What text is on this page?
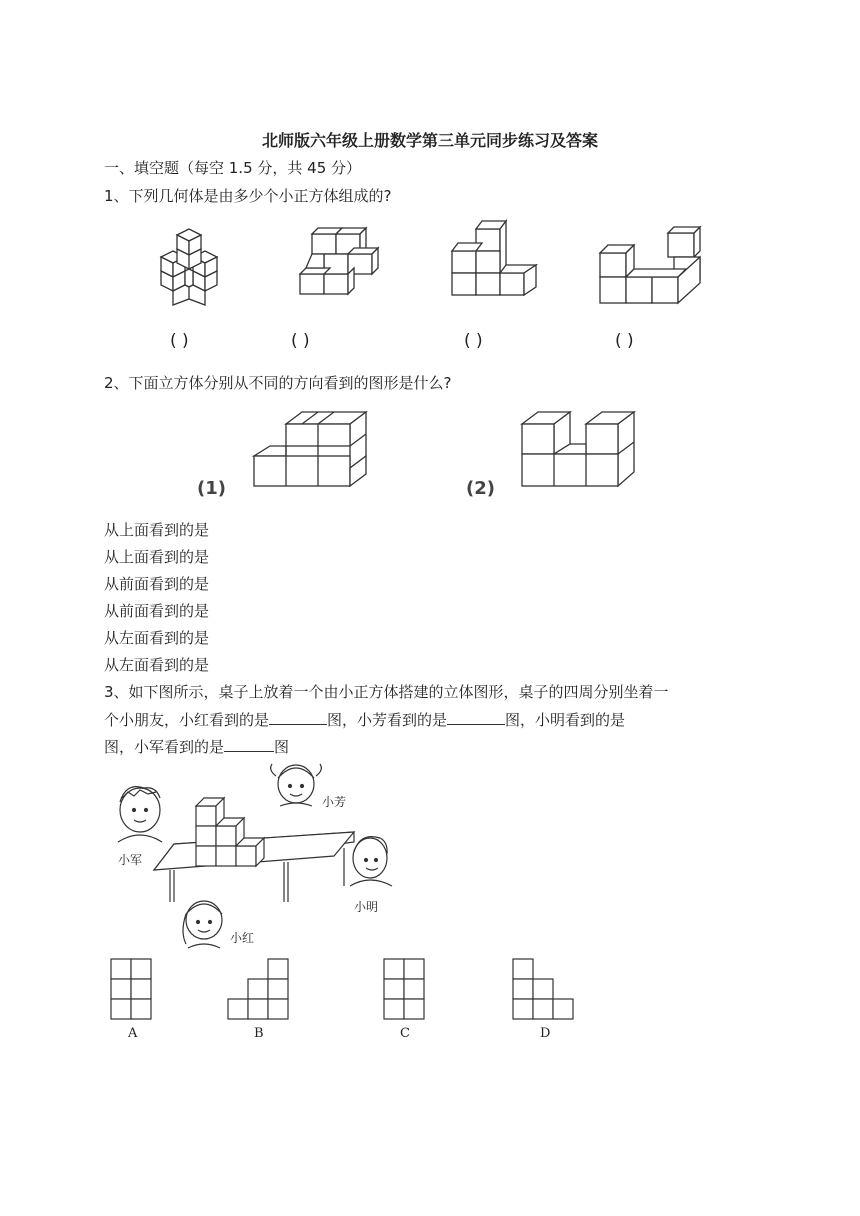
北师版六年级上册数学第三单元同步练习及答案
一、填空题（每空 1.5 分，共 45 分）
1、下列几何体是由多少个小正方体组成的?
( )	( )	( )	( )
2、下面立方体分别从不同的方向看到的图形是什么?
(1)	(2)
从上面看到的是
从上面看到的是
从前面看到的是
从前面看到的是
从左面看到的是
从左面看到的是
3、如下图所示，桌子上放着一个由小正方体搭建的立体图形，桌子的四周分别坐着一
个小朋友，小红看到的是	图，小芳看到的是	图，小明看到的是
图，小军看到的是	图
小芳
小军
小明
小红
A	B	C	D
